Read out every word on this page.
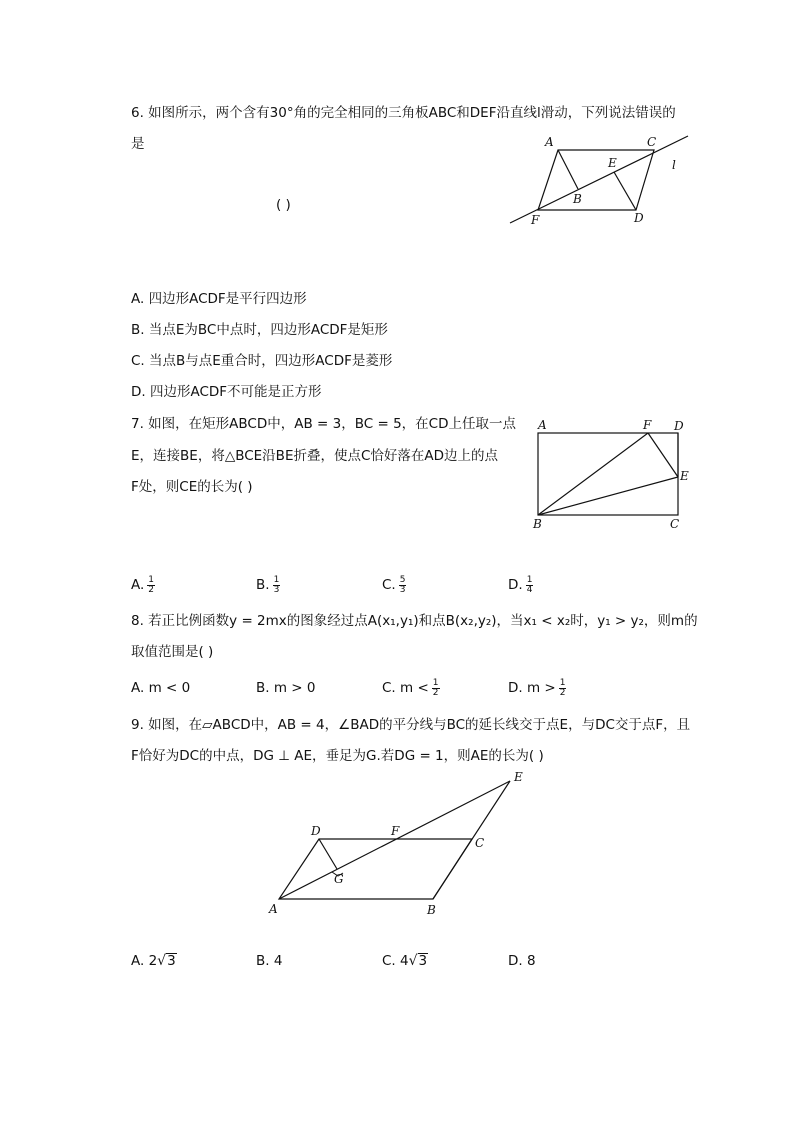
6. 如图所示，两个含有30°角的完全相同的三角板ABC和DEF沿直线l滑动，下列说法错误的
是
( )
A	C
E	l
B
F	D
A. 四边形ACDF是平行四边形
B. 当点E为BC中点时，四边形ACDF是矩形
C. 当点B与点E重合时，四边形ACDF是菱形
D. 四边形ACDF不可能是正方形
7. 如图，在矩形ABCD中，AB = 3，BC = 5，在CD上任取一点
E，连接BE，将△BCE沿BE折叠，使点C恰好落在AD边上的点
F处，则CE的长为( )
A	F D
E
B	C
A. $\frac{1}{2}$	B. $\frac{1}{3}$	C. $\frac{5}{3}$	D. $\frac{1}{4}$
8. 若正比例函数y = 2mx的图象经过点A(x₁,y₁)和点B(x₂,y₂)，当x₁ < x₂时，y₁ > y₂，则m的
取值范围是( )
A. m < 0	B. m > 0	C. $m < \frac{1}{2}$	D. $m > \frac{1}{2}$
9. 如图，在▱ABCD中，AB = 4，∠BAD的平分线与BC的延长线交于点E，与DC交于点F，且
F恰好为DC的中点，DG ⊥ AE，垂足为G.若DG = 1，则AE的长为( )
E
D	F
C
G
A	B
A. 2√3	B. 4	C. 4√3	D. 8
